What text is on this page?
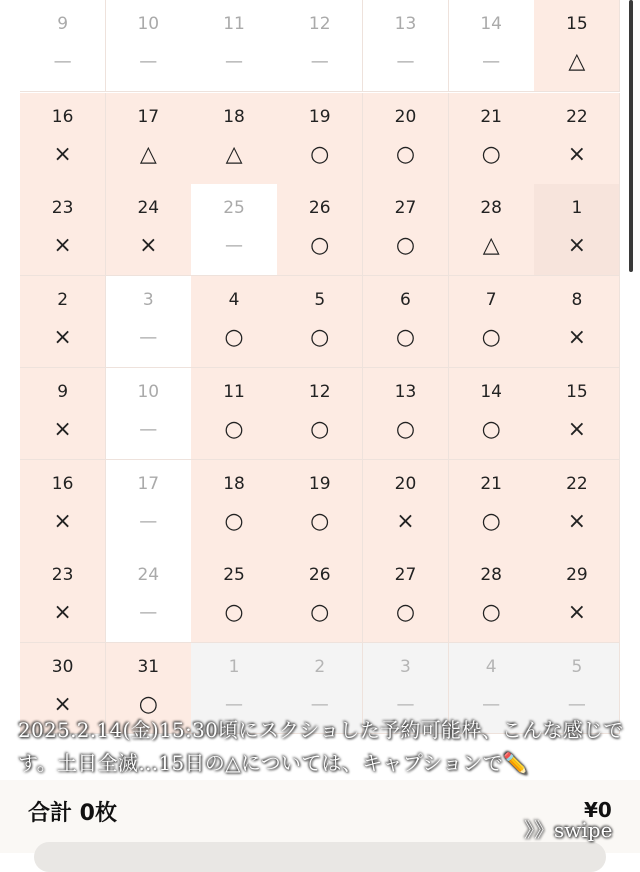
9
—
10
—
11
—
12
—
13
—
14
—
15
△
16
×
17
△
18
△
19
○
20
○
21
○
22
×
23
×
24
×
25
—
26
○
27
○
28
△
1
×
2
×
3
—
4
○
5
○
6
○
7
○
8
×
9
×
10
—
11
○
12
○
13
○
14
○
15
×
16
×
17
—
18
○
19
○
20
×
21
○
22
×
23
×
24
—
25
○
26
○
27
○
28
○
29
×
30
×
31
○
1
—
2
—
3
—
4
—
5
—
合計 0枚	¥0
2025.2.14(金)15:30頃にスクショした予約可能枠、こんな感じです。土日全滅…15日の△については、キャプションで✏️
》》swipe
